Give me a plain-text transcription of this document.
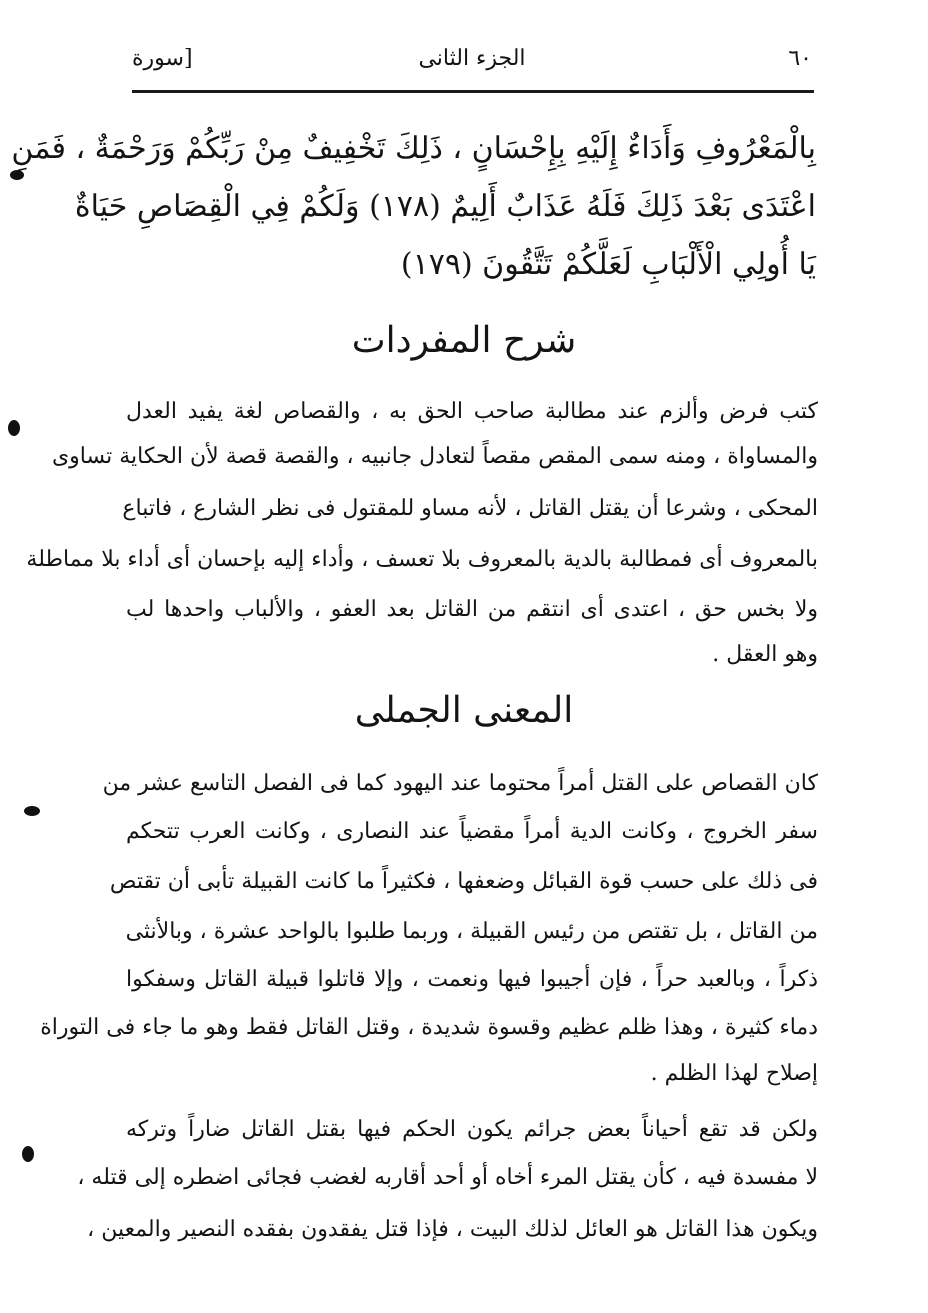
٦٠
الجزء الثانى
[سورة
بِالْمَعْرُوفِ وَأَدَاءٌ إِلَيْهِ بِإِحْسَانٍ ، ذَلِكَ تَخْفِيفٌ مِنْ رَبِّكُمْ وَرَحْمَةٌ ، فَمَنِ
اعْتَدَى بَعْدَ ذَلِكَ فَلَهُ عَذَابٌ أَلِيمٌ (١٧٨) وَلَكُمْ فِي الْقِصَاصِ حَيَاةٌ
يَا أُولِي الْأَلْبَابِ لَعَلَّكُمْ تَتَّقُونَ (١٧٩)
شرح المفردات
كتب فرض وألزم عند مطالبة صاحب الحق به ، والقصاص لغة يفيد العدل
والمساواة ، ومنه سمى المقص مقصاً لتعادل جانبيه ، والقصة قصة لأن الحكاية تساوى
المحكى ، وشرعا أن يقتل القاتل ، لأنه مساو للمقتول فى نظر الشارع ، فاتباع
بالمعروف أى فمطالبة بالدية بالمعروف بلا تعسف ، وأداء إليه بإحسان أى أداء بلا مماطلة
ولا بخس حق ، اعتدى أى انتقم من القاتل بعد العفو ، والألباب واحدها لب
وهو العقل .
المعنى الجملى
كان القصاص على القتل أمراً محتوما عند اليهود كما فى الفصل التاسع عشر من
سفر الخروج ، وكانت الدية أمراً مقضياً عند النصارى ، وكانت العرب تتحكم
فى ذلك على حسب قوة القبائل وضعفها ، فكثيراً ما كانت القبيلة تأبى أن تقتص
من القاتل ، بل تقتص من رئيس القبيلة ، وربما طلبوا بالواحد عشرة ، وبالأنثى
ذكراً ، وبالعبد حراً ، فإن أجيبوا فيها ونعمت ، وإلا قاتلوا قبيلة القاتل وسفكوا
دماء كثيرة ، وهذا ظلم عظيم وقسوة شديدة ، وقتل القاتل فقط وهو ما جاء فى التوراة
إصلاح لهذا الظلم .
ولكن قد تقع أحياناً بعض جرائم يكون الحكم فيها بقتل القاتل ضاراً وتركه
لا مفسدة فيه ، كأن يقتل المرء أخاه أو أحد أقاربه لغضب فجائى اضطره إلى قتله ،
ويكون هذا القاتل هو العائل لذلك البيت ، فإذا قتل يفقدون بفقده النصير والمعين ،
